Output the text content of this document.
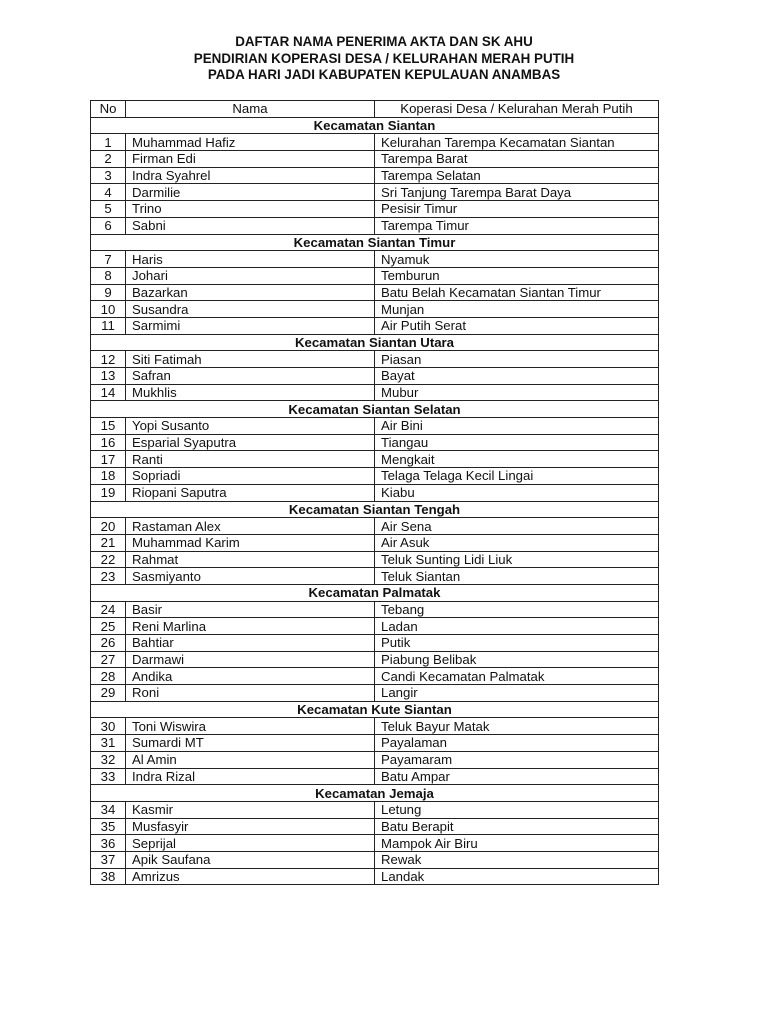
DAFTAR NAMA PENERIMA AKTA DAN SK AHU
PENDIRIAN KOPERASI DESA / KELURAHAN MERAH PUTIH
PADA HARI JADI KABUPATEN KEPULAUAN ANAMBAS
No	Nama	Koperasi Desa / Kelurahan Merah Putih
Kecamatan Siantan		
1	Muhammad Hafiz	Kelurahan Tarempa Kecamatan Siantan
2	Firman Edi	Tarempa Barat
3	Indra Syahrel	Tarempa Selatan
4	Darmilie	Sri Tanjung Tarempa Barat Daya
5	Trino	Pesisir Timur
6	Sabni	Tarempa Timur
Kecamatan Siantan Timur		
7	Haris	Nyamuk
8	Johari	Temburun
9	Bazarkan	Batu Belah Kecamatan Siantan Timur
10	Susandra	Munjan
11	Sarmimi	Air Putih Serat
Kecamatan Siantan Utara		
12	Siti Fatimah	Piasan
13	Safran	Bayat
14	Mukhlis	Mubur
Kecamatan Siantan Selatan		
15	Yopi Susanto	Air Bini
16	Esparial Syaputra	Tiangau
17	Ranti	Mengkait
18	Sopriadi	Telaga Telaga Kecil Lingai
19	Riopani Saputra	Kiabu
Kecamatan Siantan Tengah		
20	Rastaman Alex	Air Sena
21	Muhammad Karim	Air Asuk
22	Rahmat	Teluk Sunting Lidi Liuk
23	Sasmiyanto	Teluk Siantan
Kecamatan Palmatak		
24	Basir	Tebang
25	Reni Marlina	Ladan
26	Bahtiar	Putik
27	Darmawi	Piabung Belibak
28	Andika	Candi Kecamatan Palmatak
29	Roni	Langir
Kecamatan Kute Siantan		
30	Toni Wiswira	Teluk Bayur Matak
31	Sumardi MT	Payalaman
32	Al Amin	Payamaram
33	Indra Rizal	Batu Ampar
Kecamatan Jemaja		
34	Kasmir	Letung
35	Musfasyir	Batu Berapit
36	Seprijal	Mampok Air Biru
37	Apik Saufana	Rewak
38	Amrizus	Landak
